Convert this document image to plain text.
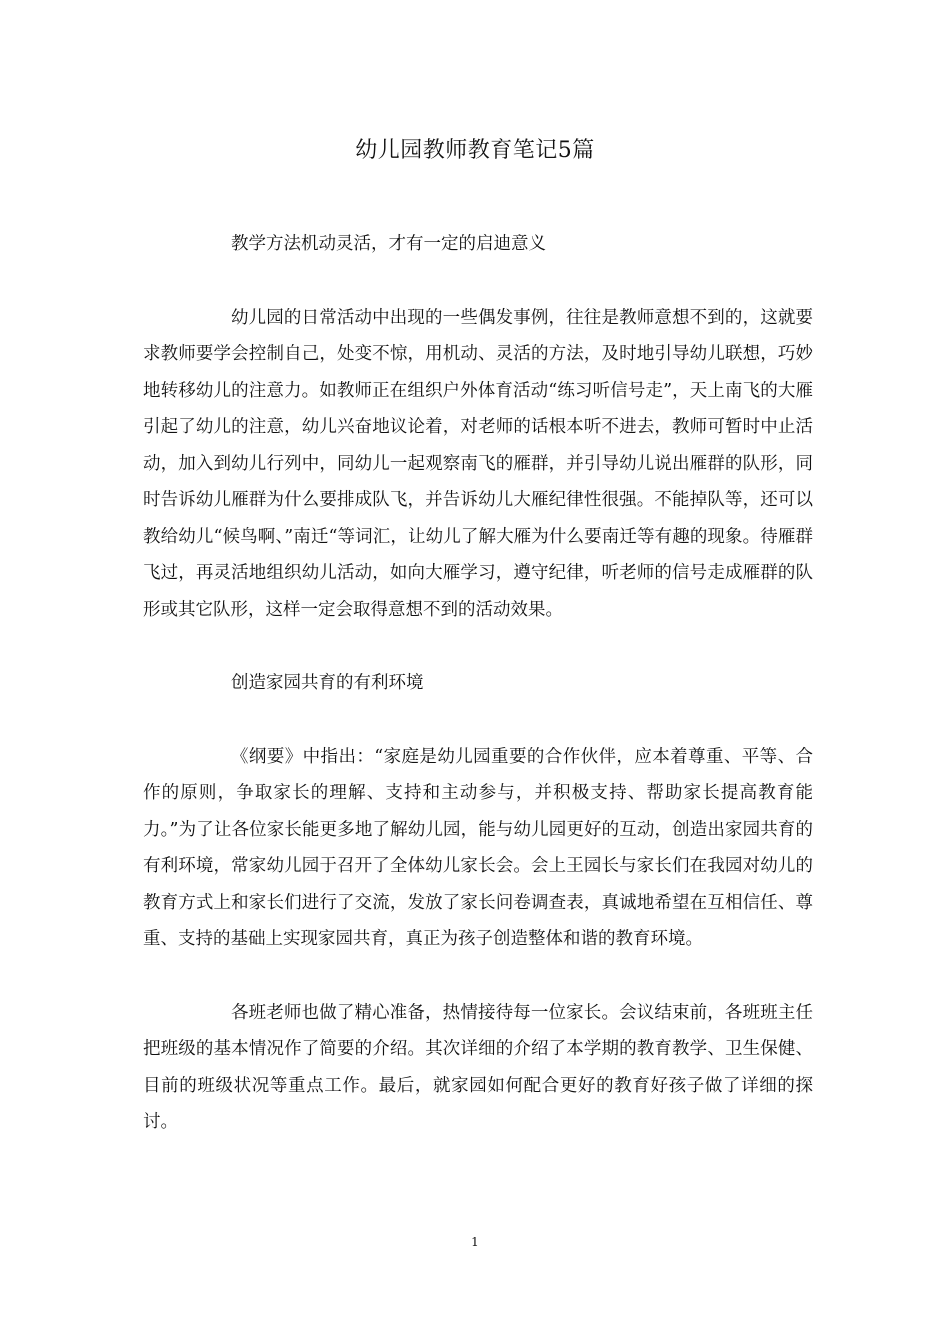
幼儿园教师教育笔记5篇

教学方法机动灵活，才有一定的启迪意义

幼儿园的日常活动中出现的一些偶发事例，往往是教师意想不到的，这就要求教师要学会控制自己，处变不惊，用机动、灵活的方法，及时地引导幼儿联想，巧妙地转移幼儿的注意力。如教师正在组织户外体育活动“练习听信号走”，天上南飞的大雁引起了幼儿的注意，幼儿兴奋地议论着，对老师的话根本听不进去，教师可暂时中止活动，加入到幼儿行列中，同幼儿一起观察南飞的雁群，并引导幼儿说出雁群的队形，同时告诉幼儿雁群为什么要排成队飞，并告诉幼儿大雁纪律性很强。不能掉队等，还可以教给幼儿“候鸟啊、”南迁“等词汇，让幼儿了解大雁为什么要南迁等有趣的现象。待雁群飞过，再灵活地组织幼儿活动，如向大雁学习，遵守纪律，听老师的信号走成雁群的队形或其它队形，这样一定会取得意想不到的活动效果。

创造家园共育的有利环境

《纲要》中指出：“家庭是幼儿园重要的合作伙伴，应本着尊重、平等、合作的原则，争取家长的理解、支持和主动参与，并积极支持、帮助家长提高教育能力。”为了让各位家长能更多地了解幼儿园，能与幼儿园更好的互动，创造出家园共育的有利环境，常家幼儿园于召开了全体幼儿家长会。会上王园长与家长们在我园对幼儿的教育方式上和家长们进行了交流，发放了家长问卷调查表，真诚地希望在互相信任、尊重、支持的基础上实现家园共育，真正为孩子创造整体和谐的教育环境。

各班老师也做了精心准备，热情接待每一位家长。会议结束前，各班班主任把班级的基本情况作了简要的介绍。其次详细的介绍了本学期的教育教学、卫生保健、目前的班级状况等重点工作。最后，就家园如何配合更好的教育好孩子做了详细的探讨。

1
